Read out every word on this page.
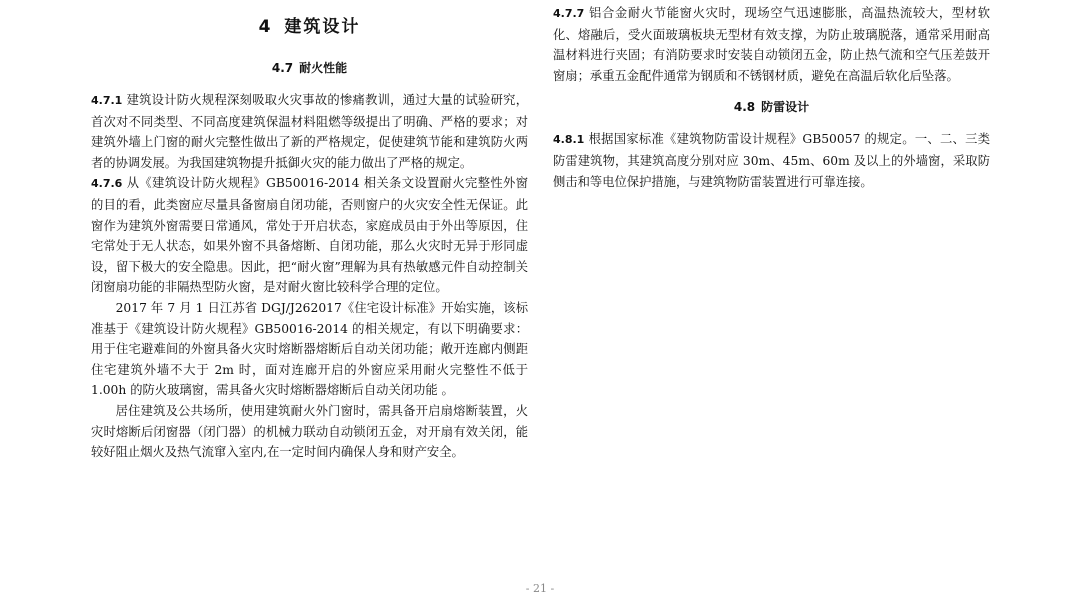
4 建筑设计
4.7 耐火性能

4.7.1 建筑设计防火规程深刻吸取火灾事故的惨痛教训，通过大量的试验研究，首次对不同类型、不同高度建筑保温材料阻燃等级提出了明确、严格的要求；对建筑外墙上门窗的耐火完整性做出了新的严格规定，促使建筑节能和建筑防火两者的协调发展。为我国建筑物提升抵御火灾的能力做出了严格的规定。

4.7.6 从《建筑设计防火规程》GB50016-2014 相关条文设置耐火完整性外窗的目的看，此类窗应尽量具备窗扇自闭功能，否则窗户的火灾安全性无保证。此窗作为建筑外窗需要日常通风，常处于开启状态，家庭成员由于外出等原因，住宅常处于无人状态，如果外窗不具备熔断、自闭功能，那么火灾时无异于形同虚设，留下极大的安全隐患。因此，把“耐火窗”理解为具有热敏感元件自动控制关闭窗扇功能的非隔热型防火窗，是对耐火窗比较科学合理的定位。

2017 年 7 月 1 日江苏省 DGJ/J262017《住宅设计标准》开始实施，该标准基于《建筑设计防火规程》GB50016-2014 的相关规定，有以下明确要求：用于住宅避难间的外窗具备火灾时熔断器熔断后自动关闭功能；敞开连廊内侧距住宅建筑外墙不大于 2m 时，面对连廊开启的外窗应采用耐火完整性不低于 1.00h 的防火玻璃窗，需具备火灾时熔断器熔断后自动关闭功能 。

居住建筑及公共场所，使用建筑耐火外门窗时，需具备开启扇熔断装置，火灾时熔断后闭窗器（闭门器）的机械力联动自动锁闭五金，对开扇有效关闭，能较好阻止烟火及热气流窜入室内,在一定时间内确保人身和财产安全。

4.7.7 铝合金耐火节能窗火灾时，现场空气迅速膨胀，高温热流较大，型材软化、熔融后，受火面玻璃板块无型材有效支撑，为防止玻璃脱落，通常采用耐高温材料进行夹固；有消防要求时安装自动锁闭五金，防止热气流和空气压差鼓开窗扇；承重五金配件通常为钢质和不锈钢材质，避免在高温后软化后坠落。

4.8 防雷设计

4.8.1 根据国家标准《建筑物防雷设计规程》GB50057 的规定。一、二、三类防雷建筑物，其建筑高度分别对应 30m、45m、60m 及以上的外墙窗，采取防侧击和等电位保护措施，与建筑物防雷装置进行可靠连接。

- 21 -
